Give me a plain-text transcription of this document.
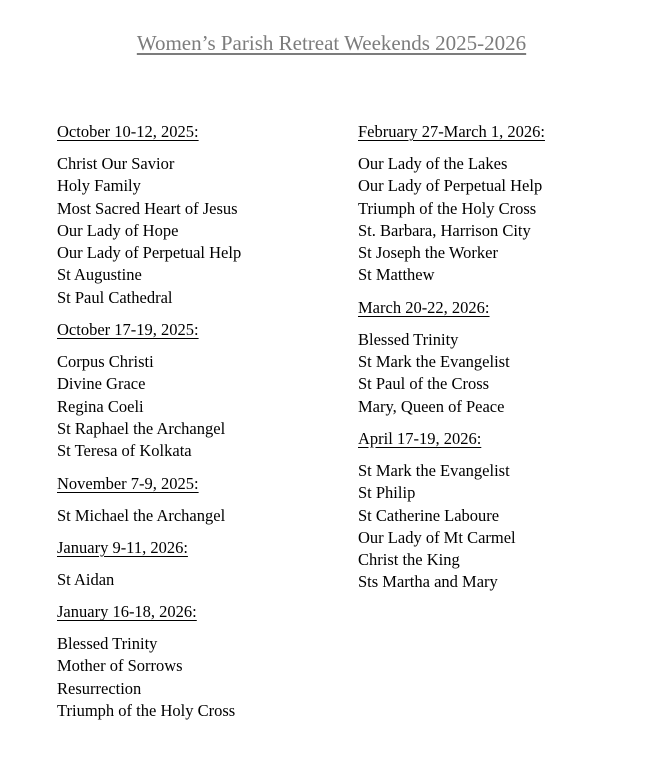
Women’s Parish Retreat Weekends 2025-2026
October 10-12, 2025:
Christ Our Savior
Holy Family
Most Sacred Heart of Jesus
Our Lady of Hope
Our Lady of Perpetual Help
St Augustine
St Paul Cathedral
October 17-19, 2025:
Corpus Christi
Divine Grace
Regina Coeli
St Raphael the Archangel
St Teresa of Kolkata
November 7-9, 2025:
St Michael the Archangel
January 9-11, 2026:
St Aidan
January 16-18, 2026:
Blessed Trinity
Mother of Sorrows
Resurrection
Triumph of the Holy Cross
February 27-March 1, 2026:
Our Lady of the Lakes
Our Lady of Perpetual Help
Triumph of the Holy Cross
St. Barbara, Harrison City
St Joseph the Worker
St Matthew
March 20-22, 2026:
Blessed Trinity
St Mark the Evangelist
St Paul of the Cross
Mary, Queen of Peace
April 17-19, 2026:
St Mark the Evangelist
St Philip
St Catherine Laboure
Our Lady of Mt Carmel
Christ the King
Sts Martha and Mary
